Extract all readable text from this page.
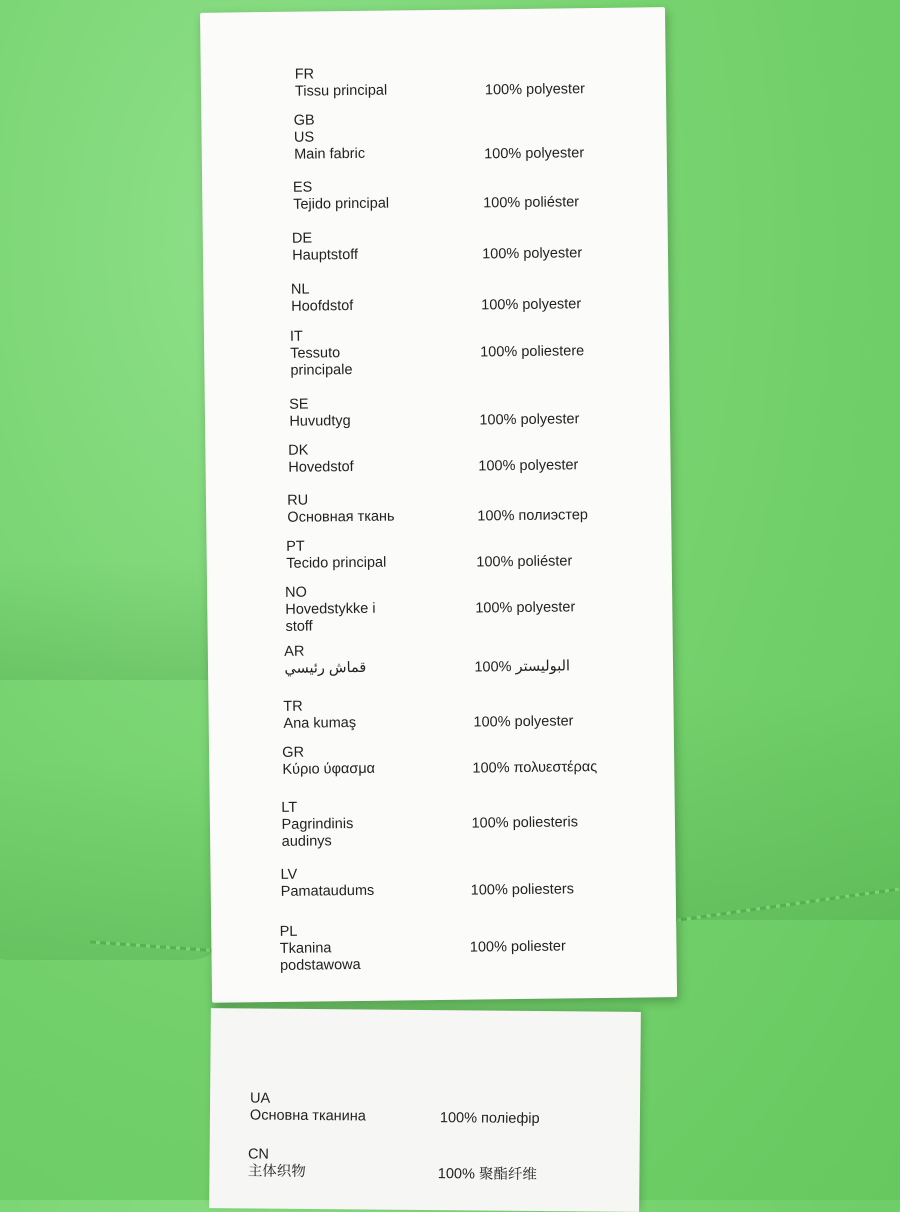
FR
Tissu principal	100% polyester
GB
US
Main fabric	100% polyester
ES
Tejido principal	100% poliéster
DE
Hauptstoff	100% polyester
NL
Hoofdstof	100% polyester
IT
Tessuto
principale
100% poliestere
SE
Huvudtyg	100% polyester
DK
Hovedstof	100% polyester
RU
Основная ткань	100% полиэстер
PT
Tecido principal	100% poliéster
NO
Hovedstykke i
stoff
100% polyester
AR
قماش رئيسي	100% البوليستر
TR
Ana kumaş	100% polyester
GR
Κύριο ύφασμα	100% πολυεστέρας
LT
Pagrindinis
audinys
100% poliesteris
LV
Pamataudums	100% poliesters
PL
Tkanina
podstawowa
100% poliester
UA
Основна тканина	100% поліефір
CN
主体织物	100% 聚酯纤维
